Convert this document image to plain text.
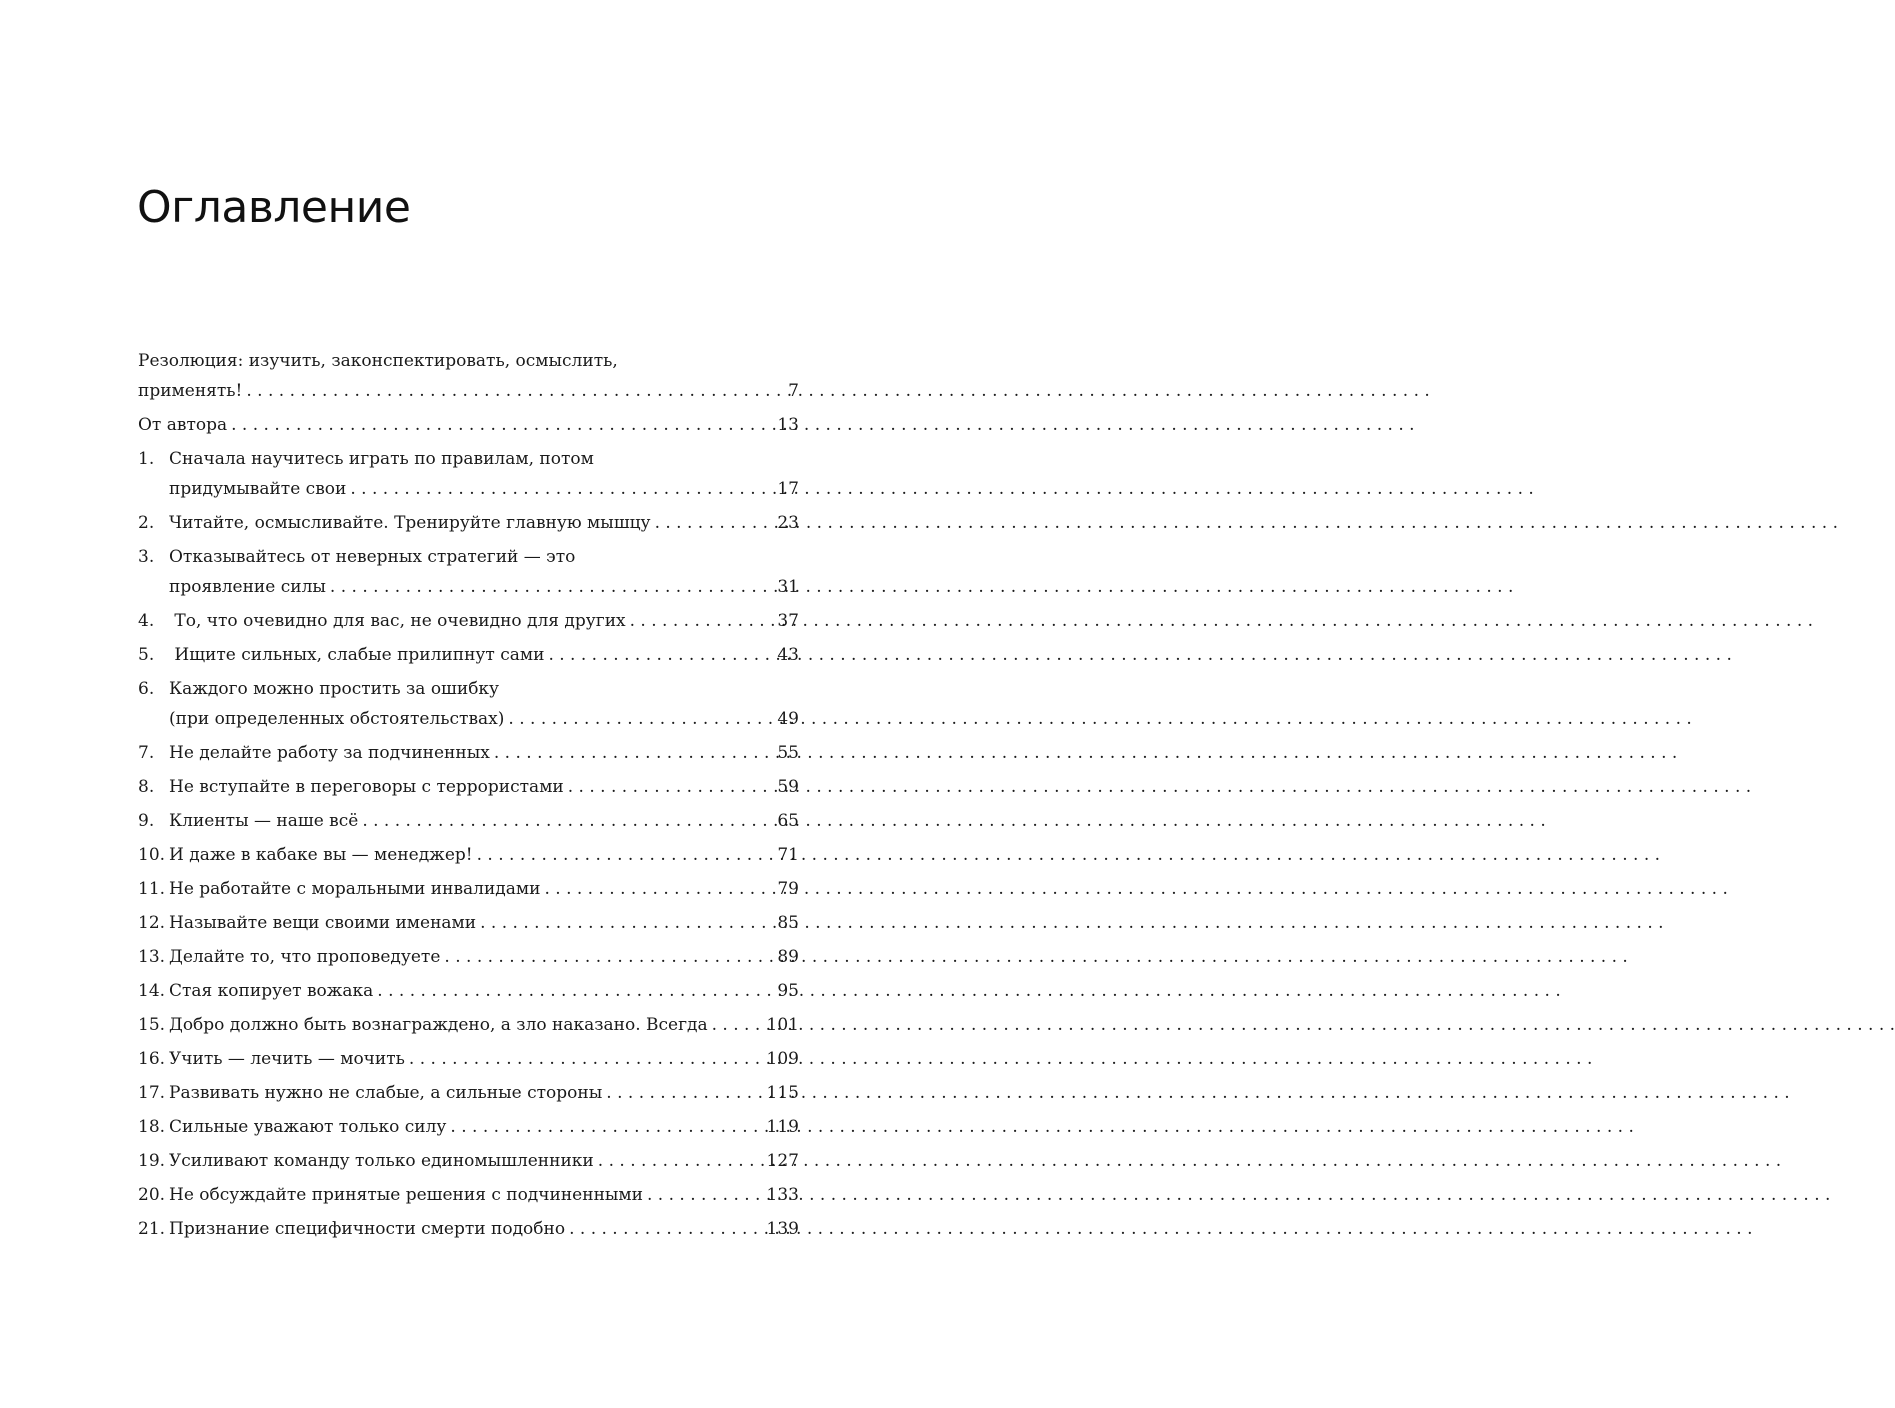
Оглавление
Резолюция: изучить, законспектировать, осмыслить,
применять! . . .	7
От автора . . .	13
1. Сначала научитесь играть по правилам, потом
придумывайте свои . . .	17
2. Читайте, осмысливайте. Тренируйте главную мышцу . . .	23
3. Отказывайтесь от неверных стратегий — это
проявление силы . . .	31
4. То, что очевидно для вас, не очевидно для других . . .	37
5. Ищите сильных, слабые прилипнут сами . . .	43
6. Каждого можно простить за ошибку
(при определенных обстоятельствах) . . .	49
7. Не делайте работу за подчиненных . . .	55
8. Не вступайте в переговоры с террористами . . .	59
9. Клиенты — наше всё . . .	65
10. И даже в кабаке вы — менеджер! . . .	71
11. Не работайте с моральными инвалидами . . .	79
12. Называйте вещи своими именами . . .	85
13. Делайте то, что проповедуете . . .	89
14. Стая копирует вожака . . .	95
15. Добро должно быть вознаграждено, а зло наказано. Всегда . . .	101
16. Учить — лечить — мочить . . .	109
17. Развивать нужно не слабые, а сильные стороны . . .	115
18. Сильные уважают только силу . . .	119
19. Усиливают команду только единомышленники . . .	127
20. Не обсуждайте принятые решения с подчиненными . . .	133
21. Признание специфичности смерти подобно . . .	139
